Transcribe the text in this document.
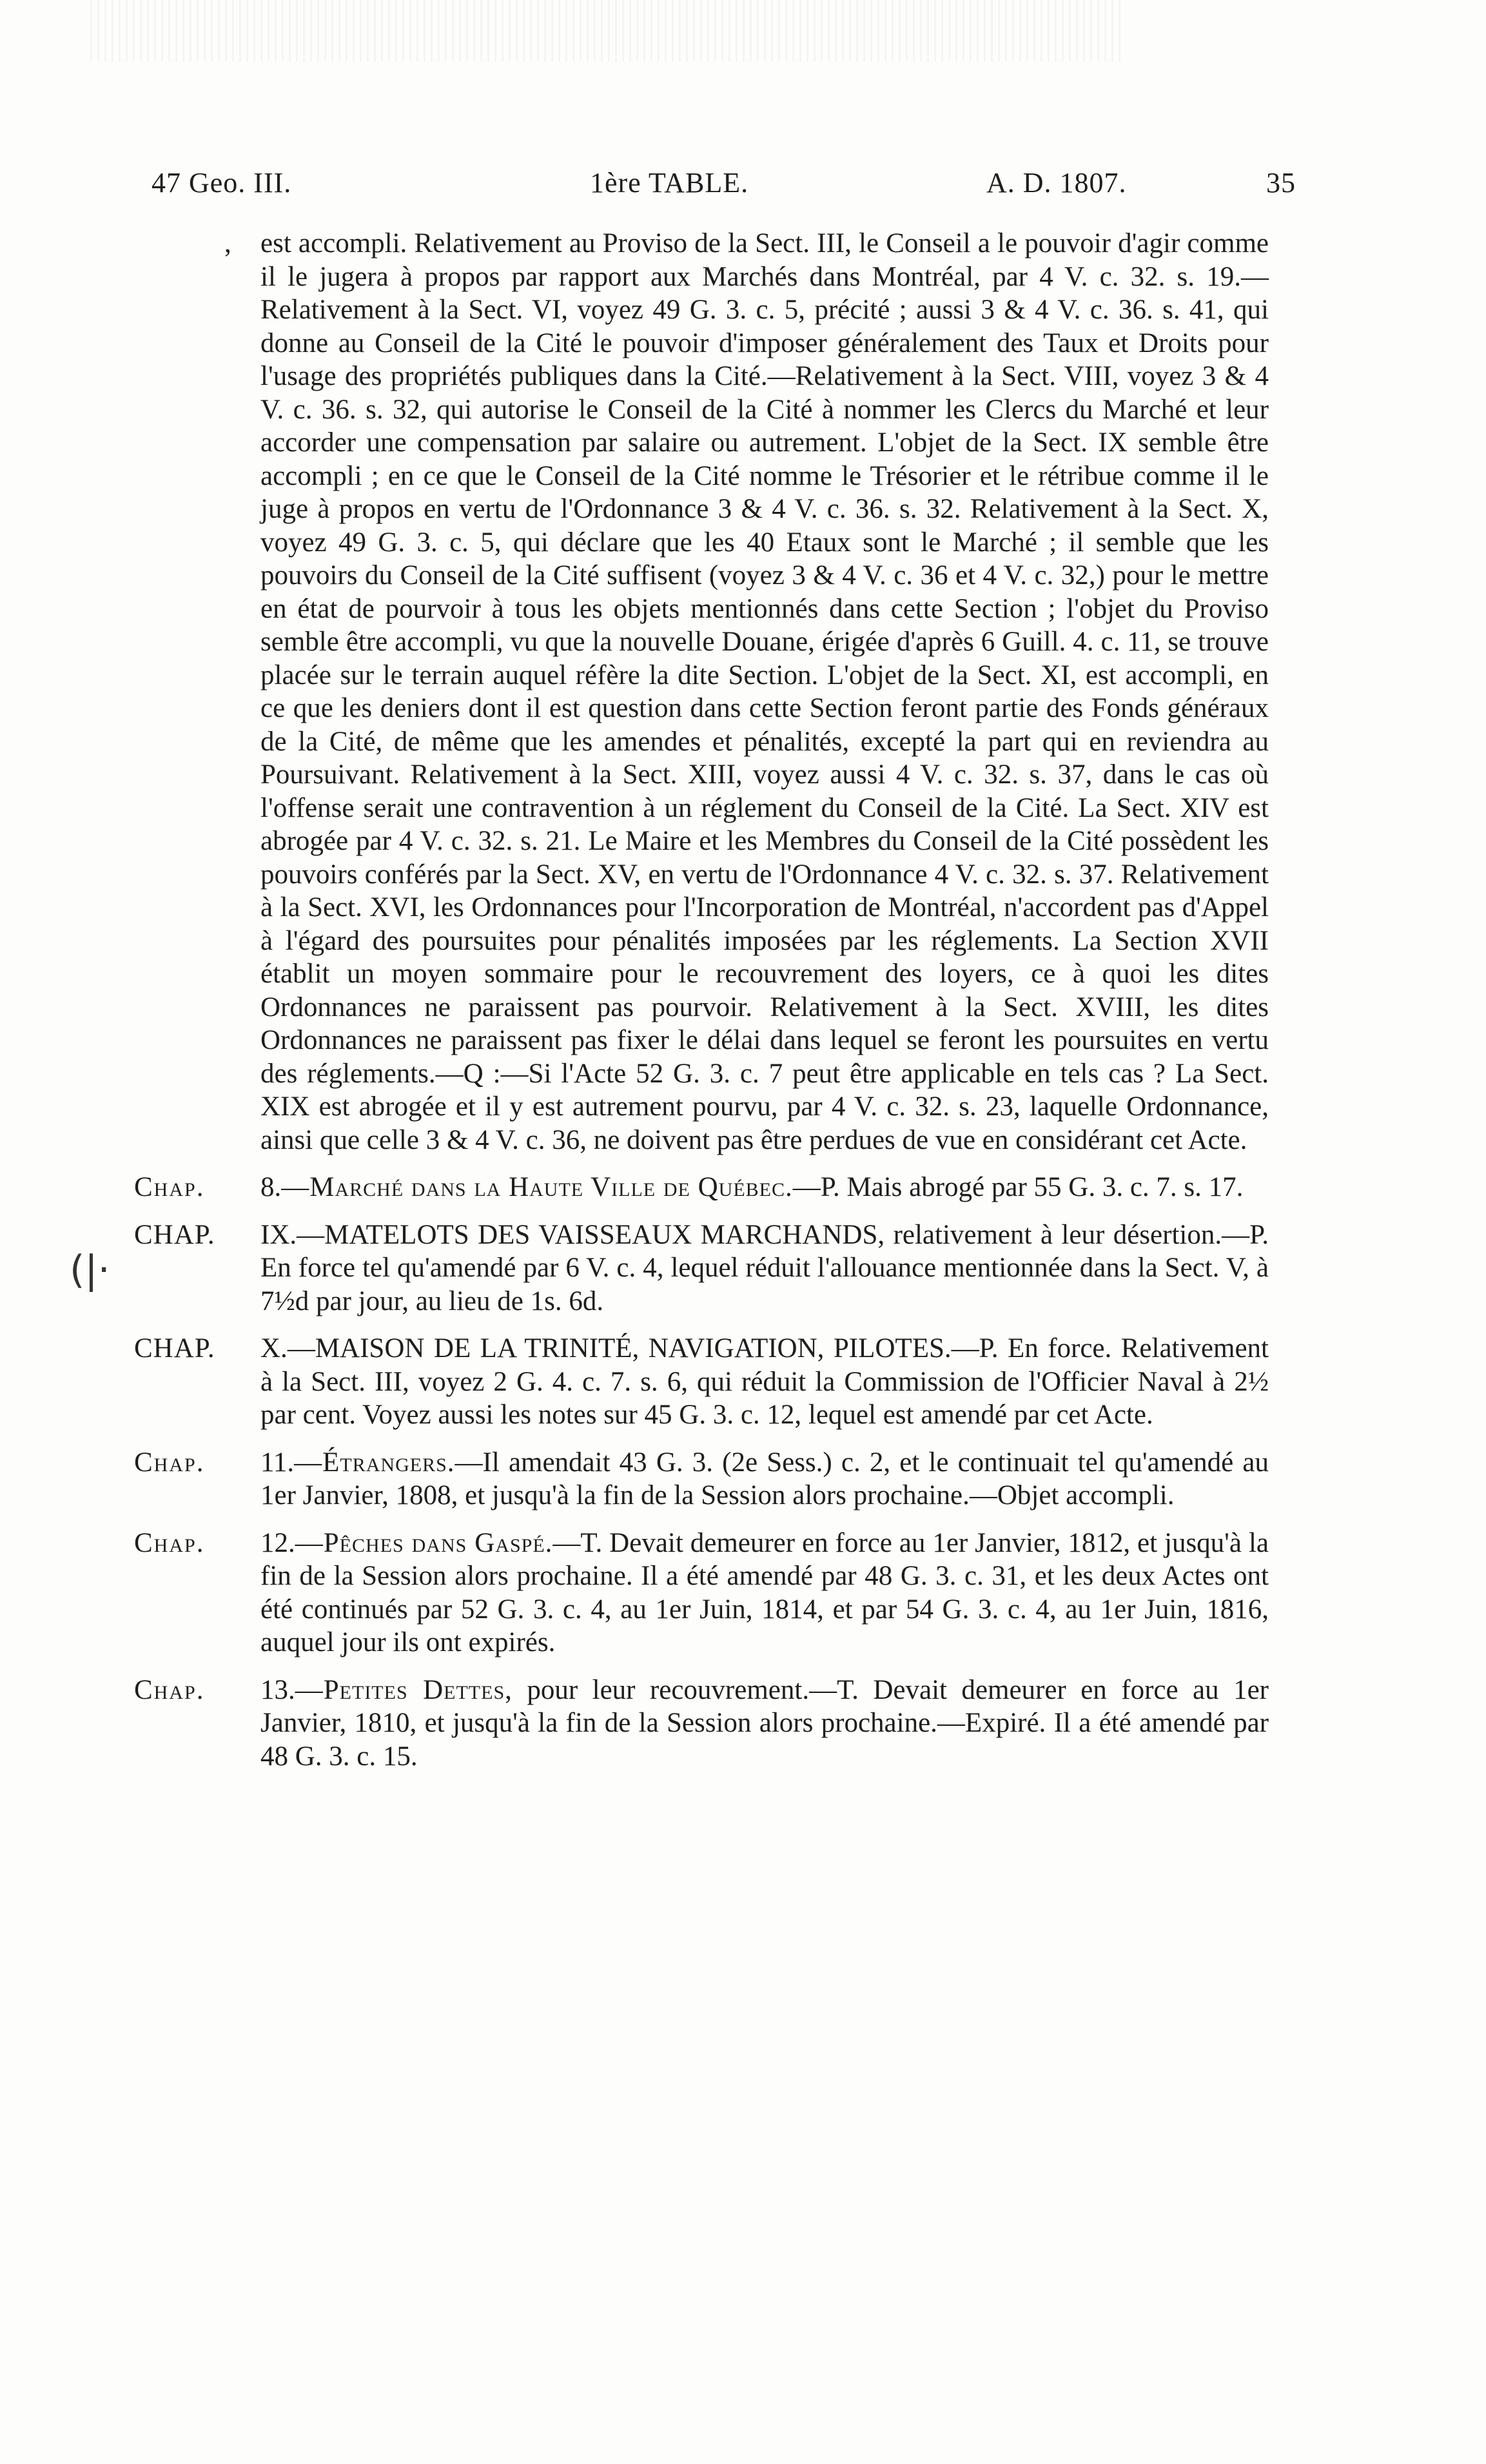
47 Geo. III.	1ère TABLE.	A. D. 1807.	35
(|·
, est accompli. Relativement au Proviso de la Sect. III, le Conseil a le pouvoir d'agir comme il le jugera à propos par rapport aux Marchés dans Montréal, par 4 V. c. 32. s. 19.—Relativement à la Sect. VI, voyez 49 G. 3. c. 5, précité ; aussi 3 & 4 V. c. 36. s. 41, qui donne au Conseil de la Cité le pouvoir d'imposer généralement des Taux et Droits pour l'usage des propriétés publiques dans la Cité.—Relativement à la Sect. VIII, voyez 3 & 4 V. c. 36. s. 32, qui autorise le Conseil de la Cité à nommer les Clercs du Marché et leur accorder une compensation par salaire ou autrement. L'objet de la Sect. IX semble être accompli ; en ce que le Conseil de la Cité nomme le Trésorier et le rétribue comme il le juge à propos en vertu de l'Ordonnance 3 & 4 V. c. 36. s. 32. Relativement à la Sect. X, voyez 49 G. 3. c. 5, qui déclare que les 40 Etaux sont le Marché ; il semble que les pouvoirs du Conseil de la Cité suffisent (voyez 3 & 4 V. c. 36 et 4 V. c. 32,) pour le mettre en état de pourvoir à tous les objets mentionnés dans cette Section ; l'objet du Proviso semble être accompli, vu que la nouvelle Douane, érigée d'après 6 Guill. 4. c. 11, se trouve placée sur le terrain auquel réfère la dite Section. L'objet de la Sect. XI, est accompli, en ce que les deniers dont il est question dans cette Section feront partie des Fonds généraux de la Cité, de même que les amendes et pénalités, excepté la part qui en reviendra au Poursuivant. Relativement à la Sect. XIII, voyez aussi 4 V. c. 32. s. 37, dans le cas où l'offense serait une contravention à un réglement du Conseil de la Cité. La Sect. XIV est abrogée par 4 V. c. 32. s. 21. Le Maire et les Membres du Conseil de la Cité possèdent les pouvoirs conférés par la Sect. XV, en vertu de l'Ordonnance 4 V. c. 32. s. 37. Relativement à la Sect. XVI, les Ordonnances pour l'Incorporation de Montréal, n'accordent pas d'Appel à l'égard des poursuites pour pénalités imposées par les réglements. La Section XVII établit un moyen sommaire pour le recouvrement des loyers, ce à quoi les dites Ordonnances ne paraissent pas pourvoir. Relativement à la Sect. XVIII, les dites Ordonnances ne paraissent pas fixer le délai dans lequel se feront les poursuites en vertu des réglements.—Q :—Si l'Acte 52 G. 3. c. 7 peut être applicable en tels cas ? La Sect. XIX est abrogée et il y est autrement pourvu, par 4 V. c. 32. s. 23, laquelle Ordonnance, ainsi que celle 3 & 4 V. c. 36, ne doivent pas être perdues de vue en considérant cet Acte.
Chap. 8.—Marché dans la Haute Ville de Québec.—P. Mais abrogé par 55 G. 3. c. 7. s. 17.
CHAP. IX.—MATELOTS DES VAISSEAUX MARCHANDS, relativement à leur désertion.—P. En force tel qu'amendé par 6 V. c. 4, lequel réduit l'allouance mentionnée dans la Sect. V, à 7½d par jour, au lieu de 1s. 6d.
CHAP. X.—MAISON DE LA TRINITÉ, NAVIGATION, PILOTES.—P. En force. Relativement à la Sect. III, voyez 2 G. 4. c. 7. s. 6, qui réduit la Commission de l'Officier Naval à 2½ par cent. Voyez aussi les notes sur 45 G. 3. c. 12, lequel est amendé par cet Acte.
Chap. 11.—Étrangers.—Il amendait 43 G. 3. (2e Sess.) c. 2, et le continuait tel qu'amendé au 1er Janvier, 1808, et jusqu'à la fin de la Session alors prochaine.—Objet accompli.
Chap. 12.—Pêches dans Gaspé.—T. Devait demeurer en force au 1er Janvier, 1812, et jusqu'à la fin de la Session alors prochaine. Il a été amendé par 48 G. 3. c. 31, et les deux Actes ont été continués par 52 G. 3. c. 4, au 1er Juin, 1814, et par 54 G. 3. c. 4, au 1er Juin, 1816, auquel jour ils ont expirés.
Chap. 13.—Petites Dettes, pour leur recouvrement.—T. Devait demeurer en force au 1er Janvier, 1810, et jusqu'à la fin de la Session alors prochaine.—Expiré. Il a été amendé par 48 G. 3. c. 15.
